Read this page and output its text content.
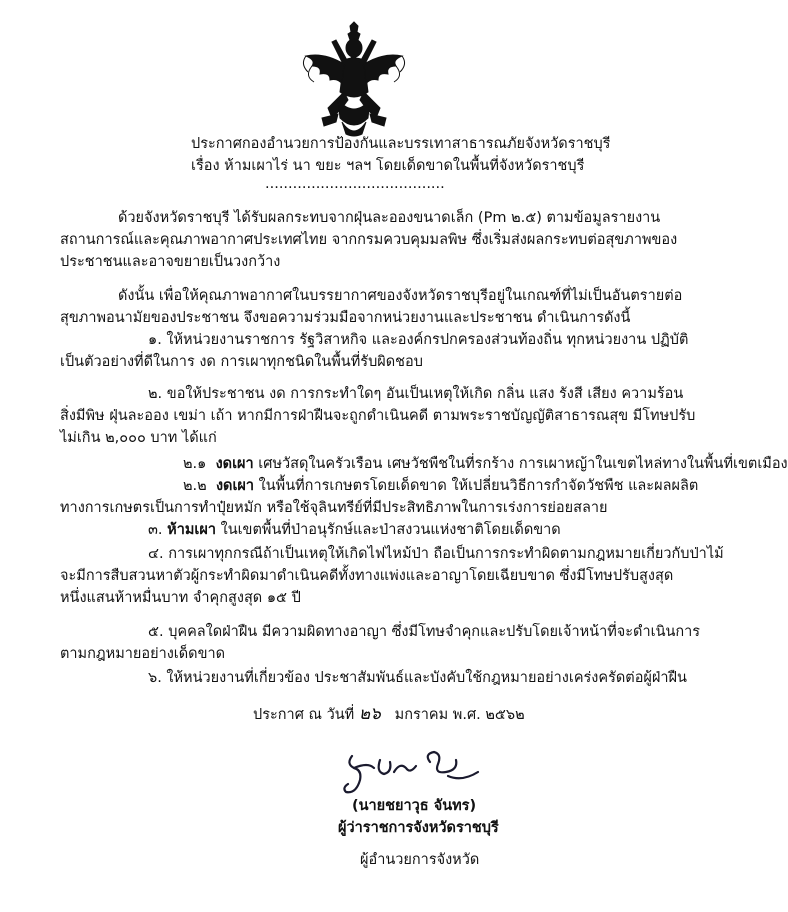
ประกาศกองอำนวยการป้องกันและบรรเทาสาธารณภัยจังหวัดราชบุรี
เรื่อง ห้ามเผาไร่ นา ขยะ ฯลฯ โดยเด็ดขาดในพื้นที่จังหวัดราชบุรี
.......................................
ด้วยจังหวัดราชบุรี ได้รับผลกระทบจากฝุ่นละอองขนาดเล็ก (Pm ๒.๕) ตามข้อมูลรายงาน
สถานการณ์และคุณภาพอากาศประเทศไทย จากกรมควบคุมมลพิษ ซึ่งเริ่มส่งผลกระทบต่อสุขภาพของ
ประชาชนและอาจขยายเป็นวงกว้าง
ดังนั้น เพื่อให้คุณภาพอากาศในบรรยากาศของจังหวัดราชบุรีอยู่ในเกณฑ์ที่ไม่เป็นอันตรายต่อ
สุขภาพอนามัยของประชาชน จึงขอความร่วมมือจากหน่วยงานและประชาชน ดำเนินการดังนี้
๑. ให้หน่วยงานราชการ รัฐวิสาหกิจ และองค์กรปกครองส่วนท้องถิ่น ทุกหน่วยงาน ปฏิบัติ
เป็นตัวอย่างที่ดีในการ งด การเผาทุกชนิดในพื้นที่รับผิดชอบ
๒. ขอให้ประชาชน งด การกระทำใดๆ อันเป็นเหตุให้เกิด กลิ่น แสง รังสี เสียง ความร้อน
สิ่งมีพิษ ฝุ่นละออง เขม่า เถ้า หากมีการฝ่าฝืนจะถูกดำเนินคดี ตามพระราชบัญญัติสาธารณสุข มีโทษปรับ
ไม่เกิน ๒,๐๐๐ บาท ได้แก่
๒.๑ งดเผา เศษวัสดุในครัวเรือน เศษวัชพืชในที่รกร้าง การเผาหญ้าในเขตไหล่ทางในพื้นที่เขตเมือง
๒.๒ งดเผา ในพื้นที่การเกษตรโดยเด็ดขาด ให้เปลี่ยนวิธีการกำจัดวัชพืช และผลผลิต
ทางการเกษตรเป็นการทำปุ๋ยหมัก หรือใช้จุลินทรีย์ที่มีประสิทธิภาพในการเร่งการย่อยสลาย
๓. ห้ามเผา ในเขตพื้นที่ป่าอนุรักษ์และป่าสงวนแห่งชาติโดยเด็ดขาด
๔. การเผาทุกกรณีถ้าเป็นเหตุให้เกิดไฟไหม้ป่า ถือเป็นการกระทำผิดตามกฎหมายเกี่ยวกับป่าไม้
จะมีการสืบสวนหาตัวผู้กระทำผิดมาดำเนินคดีทั้งทางแพ่งและอาญาโดยเฉียบขาด ซึ่งมีโทษปรับสูงสุด
หนึ่งแสนห้าหมื่นบาท จำคุกสูงสุด ๑๕ ปี
๕. บุคคลใดฝ่าฝืน มีความผิดทางอาญา ซึ่งมีโทษจำคุกและปรับโดยเจ้าหน้าที่จะดำเนินการ
ตามกฎหมายอย่างเด็ดขาด
๖. ให้หน่วยงานที่เกี่ยวข้อง ประชาสัมพันธ์และบังคับใช้กฎหมายอย่างเคร่งครัดต่อผู้ฝ่าฝืน
ประกาศ ณ วันที่ ๒๖ มกราคม พ.ศ. ๒๕๖๒
(นายชยาวุธ จันทร)
ผู้ว่าราชการจังหวัดราชบุรี
ผู้อำนวยการจังหวัด
